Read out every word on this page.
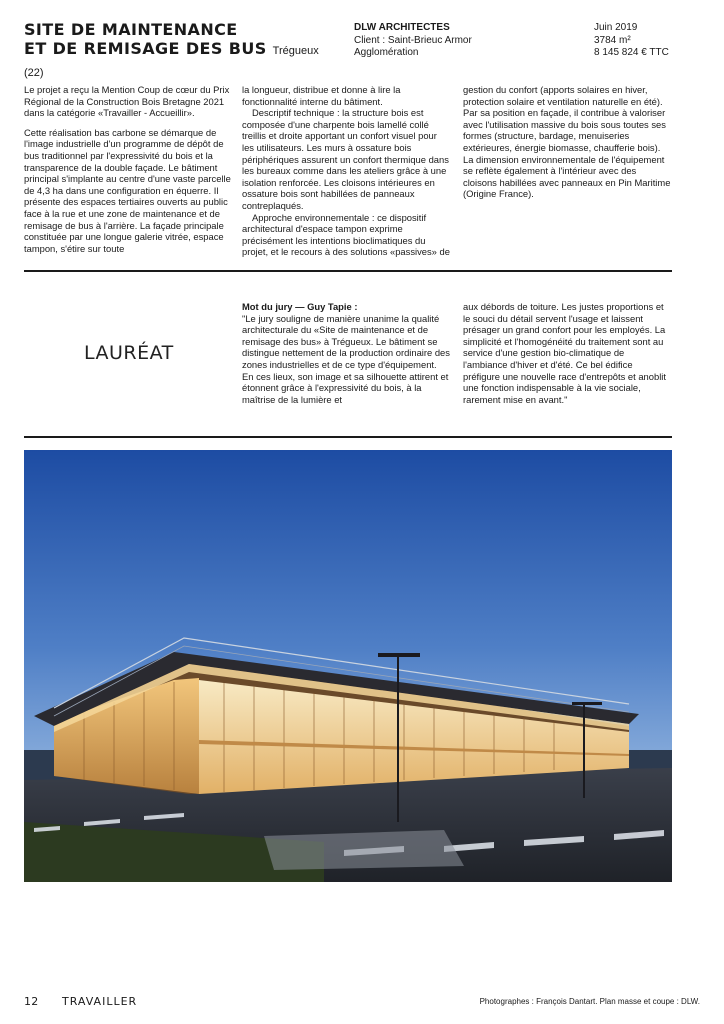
SITE DE MAINTENANCE
ET DE REMISAGE DES BUS Trégueux (22)
DLW ARCHITECTES
Client : Saint-Brieuc Armor
Agglomération
Juin 2019
3784 m²
8 145 824 € TTC

Le projet a reçu la Mention Coup de cœur du Prix Régional de la Construction Bois Bretagne 2021 dans la catégorie «Travailler - Accueillir».

Cette réalisation bas carbone se démarque de l'image industrielle d'un programme de dépôt de bus traditionnel par l'expressivité du bois et la transparence de la double façade. Le bâtiment principal s'implante au centre d'une vaste parcelle de 4,3 ha dans une configuration en équerre. Il présente des espaces tertiaires ouverts au public face à la rue et une zone de maintenance et de remisage de bus à l'arrière. La façade principale constituée par une longue galerie vitrée, espace tampon, s'étire sur toute

la longueur, distribue et donne à lire la fonctionnalité interne du bâtiment.

Descriptif technique : la structure bois est composée d'une charpente bois lamellé collé treillis et droite apportant un confort visuel pour les utilisateurs. Les murs à ossature bois périphériques assurent un confort thermique dans les bureaux comme dans les ateliers grâce à une isolation renforcée. Les cloisons intérieures en ossature bois sont habillées de panneaux contreplaqués.

Approche environnementale : ce dispositif architectural d'espace tampon exprime précisément les intentions bioclimatiques du projet, et le recours à des solutions «passives» de

gestion du confort (apports solaires en hiver, protection solaire et ventilation naturelle en été). Par sa position en façade, il contribue à valoriser avec l'utilisation massive du bois sous toutes ses formes (structure, bardage, menuiseries extérieures, énergie biomasse, chaufferie bois). La dimension environnementale de l'équipement se reflète également à l'intérieur avec des cloisons habillées avec panneaux en Pin Maritime (Origine France).

LAURÉAT
Mot du jury — Guy Tapie :
"Le jury souligne de manière unanime la qualité architecturale du «Site de maintenance et de remisage des bus» à Trégueux. Le bâtiment se distingue nettement de la production ordinaire des zones industrielles et de ce type d'équipement. En ces lieux, son image et sa silhouette attirent et étonnent grâce à l'expressivité du bois, à la maîtrise de la lumière et
aux débords de toiture. Les justes proportions et le souci du détail servent l'usage et laissent présager un grand confort pour les employés. La simplicité et l'homogénéité du traitement sont au service d'une gestion bio-climatique de l'ambiance d'hiver et d'été. Ce bel édifice préfigure une nouvelle race d'entrepôts et anoblit une fonction indispensable à la vie sociale, rarement mise en avant."
12 TRAVAILLER	Photographes : François Dantart. Plan masse et coupe : DLW.
